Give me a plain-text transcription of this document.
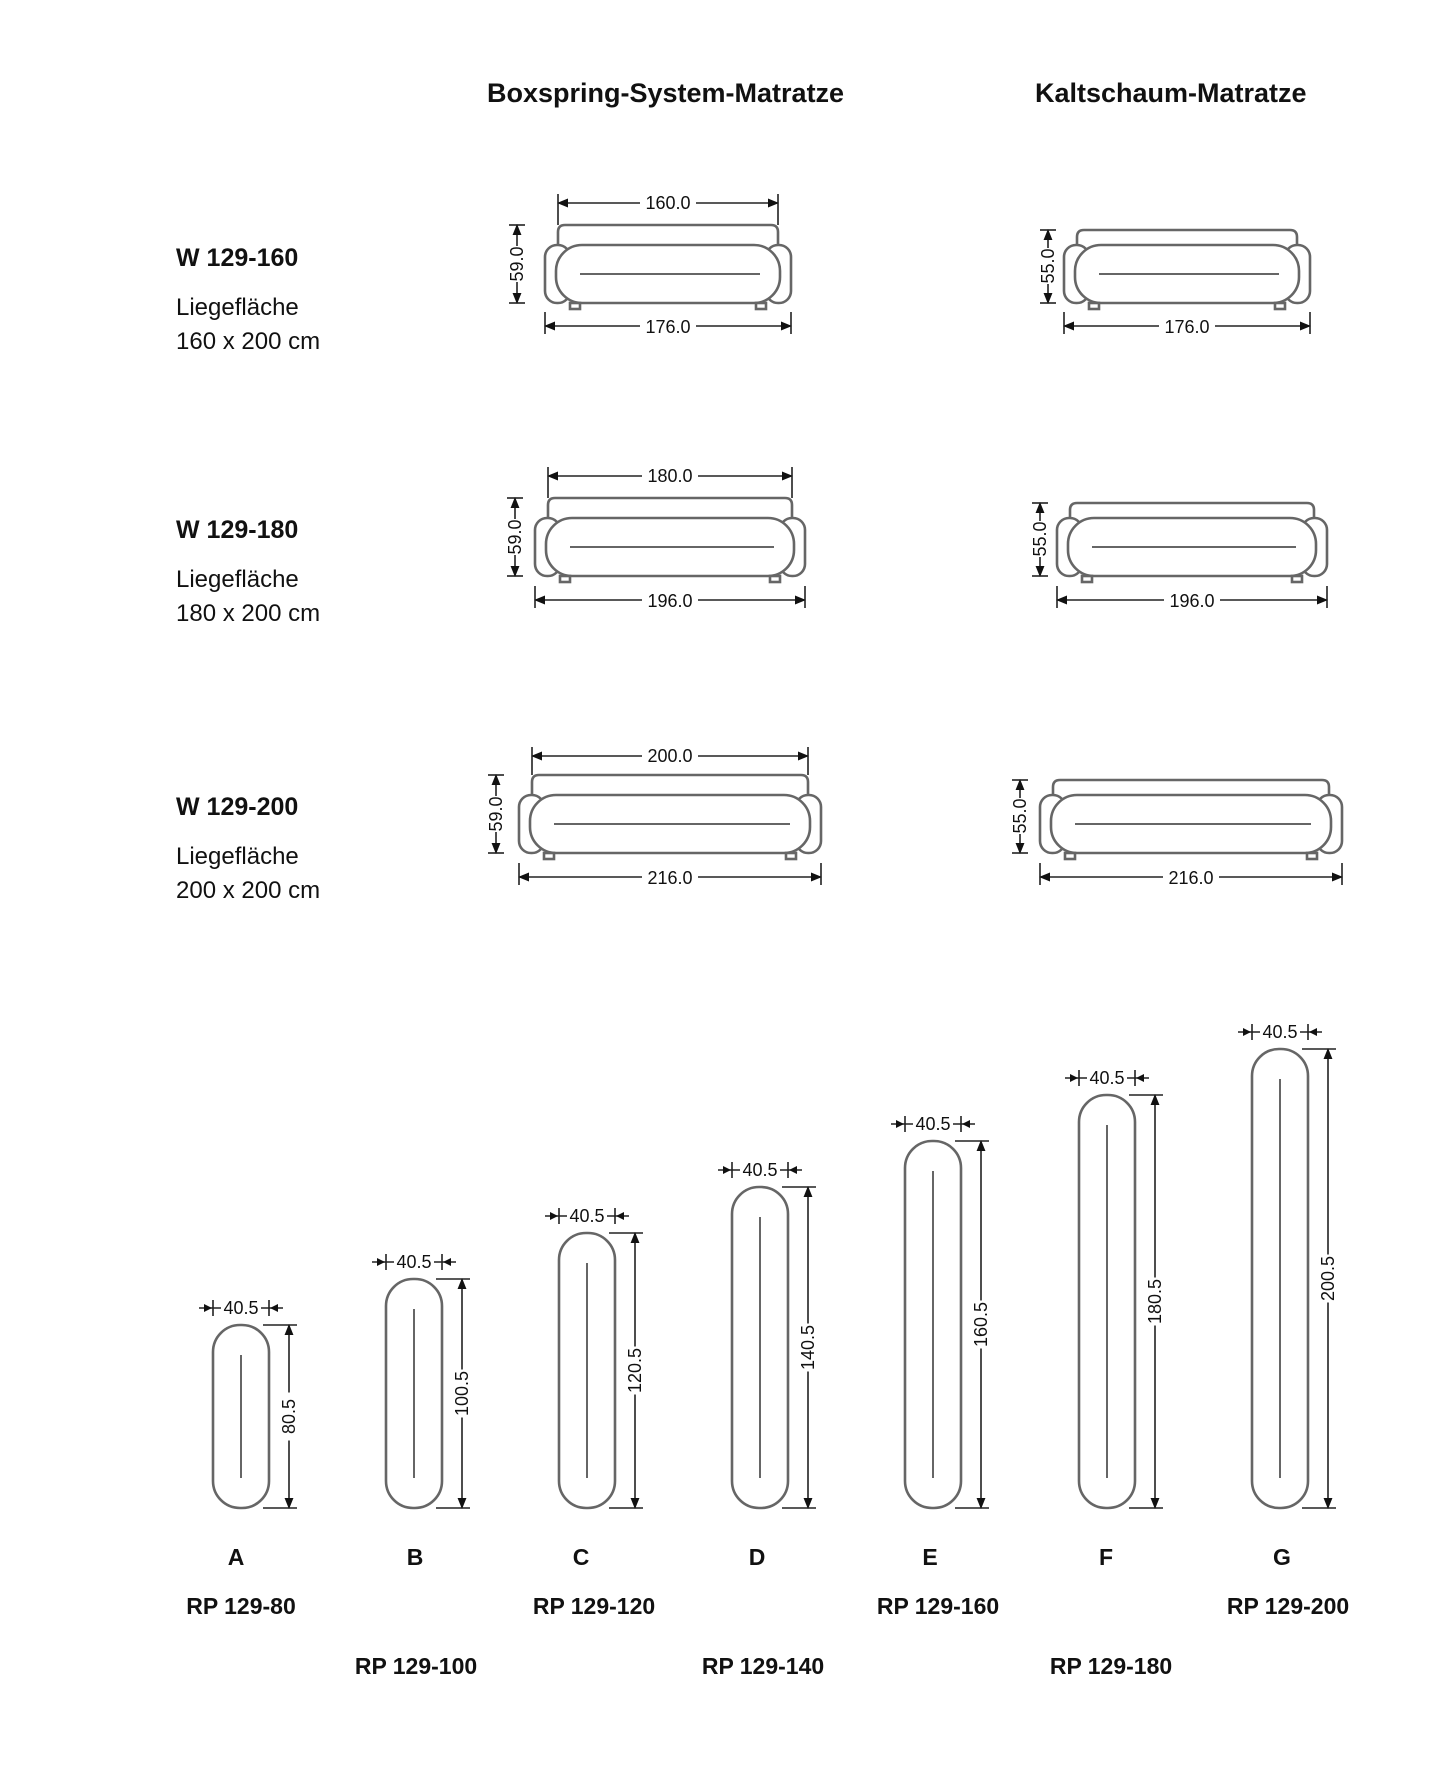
Boxspring-System-Matratze	Kaltschaum-Matratze
W 129-160
Liegefläche
160 x 200 cm
W 129-180
Liegefläche
180 x 200 cm
W 129-200
Liegefläche
200 x 200 cm
160.0
59.0
176.0
55.0
176.0
180.0
59.0
196.0
55.0
196.0
200.0
59.0
216.0
55.0
216.0
40.5
80.5
40.5
100.5
40.5
120.5
40.5
140.5
40.5
160.5
40.5
180.5
40.5
200.5
A	B	C	D	E	F	G
RP 129-80
RP 129-100
RP 129-120
RP 129-140
RP 129-160
RP 129-180
RP 129-200
